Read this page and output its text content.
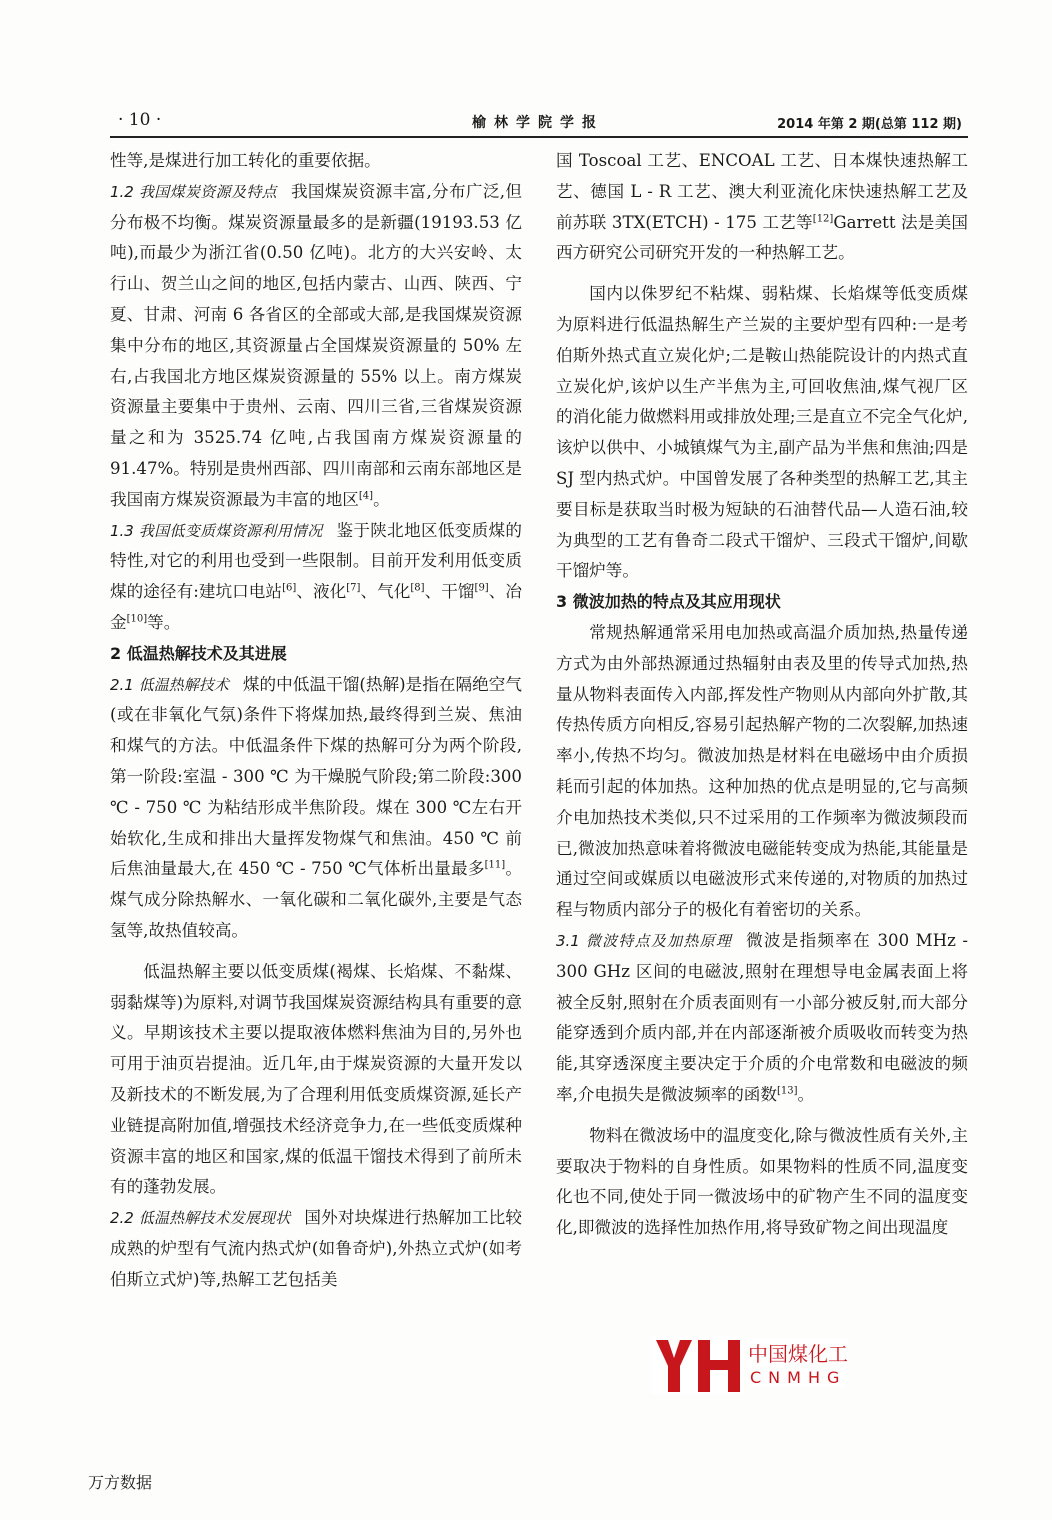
· 10 ·	榆林学院学报	2014 年第 2 期(总第 112 期)

性等,是煤进行加工转化的重要依据。

1.2 我国煤炭资源及特点 我国煤炭资源丰富,分布广泛,但分布极不均衡。煤炭资源量最多的是新疆(19193.53 亿吨),而最少为浙江省(0.50 亿吨)。北方的大兴安岭、太行山、贺兰山之间的地区,包括内蒙古、山西、陕西、宁夏、甘肃、河南 6 各省区的全部或大部,是我国煤炭资源集中分布的地区,其资源量占全国煤炭资源量的 50% 左右,占我国北方地区煤炭资源量的 55% 以上。南方煤炭资源量主要集中于贵州、云南、四川三省,三省煤炭资源量之和为 3525.74 亿吨,占我国南方煤炭资源量的 91.47%。特别是贵州西部、四川南部和云南东部地区是我国南方煤炭资源最为丰富的地区[4]。

1.3 我国低变质煤资源利用情况 鉴于陕北地区低变质煤的特性,对它的利用也受到一些限制。目前开发利用低变质煤的途径有:建坑口电站[6]、液化[7]、气化[8]、干馏[9]、冶金[10]等。

2 低温热解技术及其进展

2.1 低温热解技术 煤的中低温干馏(热解)是指在隔绝空气(或在非氧化气氛)条件下将煤加热,最终得到兰炭、焦油和煤气的方法。中低温条件下煤的热解可分为两个阶段,第一阶段:室温 - 300 ℃ 为干燥脱气阶段;第二阶段:300 ℃ - 750 ℃ 为粘结形成半焦阶段。煤在 300 ℃左右开始软化,生成和排出大量挥发物煤气和焦油。450 ℃ 前后焦油量最大,在 450 ℃ - 750 ℃气体析出量最多[11]。煤气成分除热解水、一氧化碳和二氧化碳外,主要是气态氢等,故热值较高。

低温热解主要以低变质煤(褐煤、长焰煤、不黏煤、弱黏煤等)为原料,对调节我国煤炭资源结构具有重要的意义。早期该技术主要以提取液体燃料焦油为目的,另外也可用于油页岩提油。近几年,由于煤炭资源的大量开发以及新技术的不断发展,为了合理利用低变质煤资源,延长产业链提高附加值,增强技术经济竞争力,在一些低变质煤种资源丰富的地区和国家,煤的低温干馏技术得到了前所未有的蓬勃发展。

2.2 低温热解技术发展现状 国外对块煤进行热解加工比较成熟的炉型有气流内热式炉(如鲁奇炉),外热立式炉(如考伯斯立式炉)等,热解工艺包括美

国 Toscoal 工艺、ENCOAL 工艺、日本煤快速热解工艺、德国 L - R 工艺、澳大利亚流化床快速热解工艺及前苏联 3TX(ETCH) - 175 工艺等[12]Garrett 法是美国西方研究公司研究开发的一种热解工艺。

国内以侏罗纪不粘煤、弱粘煤、长焰煤等低变质煤为原料进行低温热解生产兰炭的主要炉型有四种:一是考伯斯外热式直立炭化炉;二是鞍山热能院设计的内热式直立炭化炉,该炉以生产半焦为主,可回收焦油,煤气视厂区的消化能力做燃料用或排放处理;三是直立不完全气化炉,该炉以供中、小城镇煤气为主,副产品为半焦和焦油;四是 SJ 型内热式炉。中国曾发展了各种类型的热解工艺,其主要目标是获取当时极为短缺的石油替代品—人造石油,较为典型的工艺有鲁奇二段式干馏炉、三段式干馏炉,间歇干馏炉等。

3 微波加热的特点及其应用现状

常规热解通常采用电加热或高温介质加热,热量传递方式为由外部热源通过热辐射由表及里的传导式加热,热量从物料表面传入内部,挥发性产物则从内部向外扩散,其传热传质方向相反,容易引起热解产物的二次裂解,加热速率小,传热不均匀。微波加热是材料在电磁场中由介质损耗而引起的体加热。这种加热的优点是明显的,它与高频介电加热技术类似,只不过采用的工作频率为微波频段而已,微波加热意味着将微波电磁能转变成为热能,其能量是通过空间或媒质以电磁波形式来传递的,对物质的加热过程与物质内部分子的极化有着密切的关系。

3.1 微波特点及加热原理 微波是指频率在 300 MHz - 300 GHz 区间的电磁波,照射在理想导电金属表面上将被全反射,照射在介质表面则有一小部分被反射,而大部分能穿透到介质内部,并在内部逐渐被介质吸收而转变为热能,其穿透深度主要决定于介质的介电常数和电磁波的频率,介电损失是微波频率的函数[13]。

物料在微波场中的温度变化,除与微波性质有关外,主要取决于物料的自身性质。如果物料的性质不同,温度变化也不同,使处于同一微波场中的矿物产生不同的温度变化,即微波的选择性加热作用,将导致矿物之间出现温度

中国煤化工
CNMHG
万方数据
